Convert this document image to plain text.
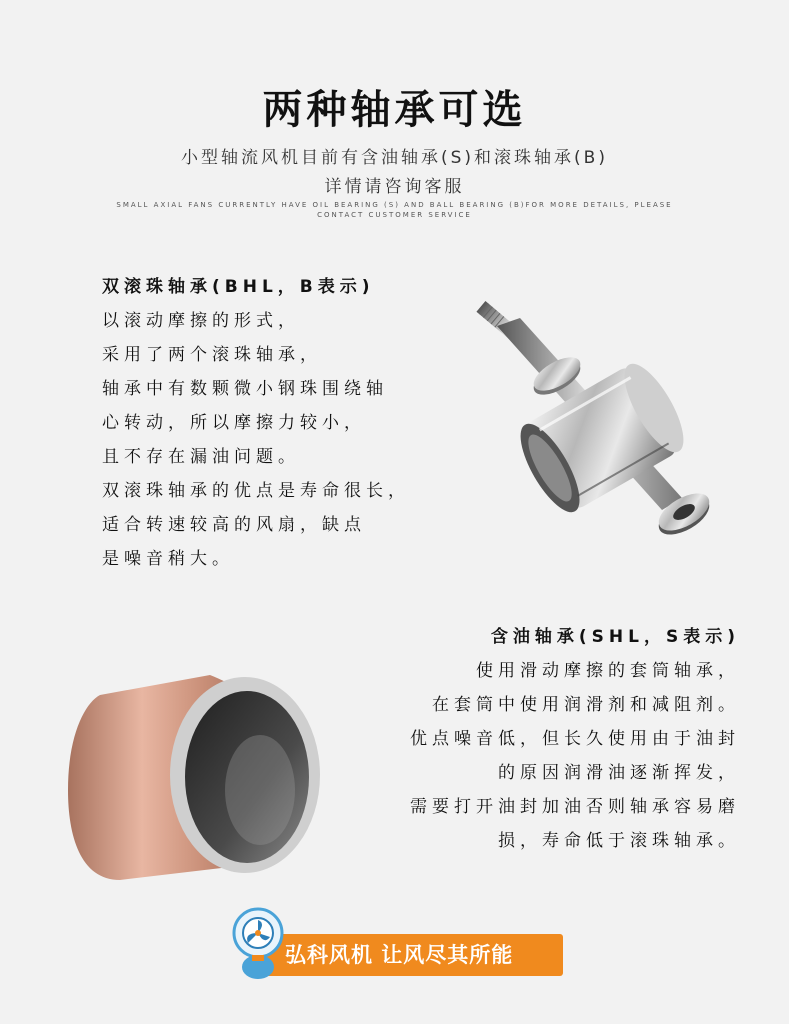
两种轴承可选
小型轴流风机目前有含油轴承(S)和滚珠轴承(B)
详情请咨询客服
SMALL AXIAL FANS CURRENTLY HAVE OIL BEARING (S) AND BALL BEARING (B)FOR MORE DETAILS, PLEASE
CONTACT CUSTOMER SERVICE
双滚珠轴承(BHL，B表示)
以滚动摩擦的形式，
采用了两个滚珠轴承，
轴承中有数颗微小钢珠围绕轴
心转动，所以摩擦力较小，
且不存在漏油问题。
双滚珠轴承的优点是寿命很长，
适合转速较高的风扇，缺点
是噪音稍大。
含油轴承(SHL，S表示)
使用滑动摩擦的套筒轴承，
在套筒中使用润滑剂和减阻剂。
优点噪音低，但长久使用由于油封
的原因润滑油逐渐挥发，
需要打开油封加油否则轴承容易磨
损，寿命低于滚珠轴承。
弘科风机 让风尽其所能
